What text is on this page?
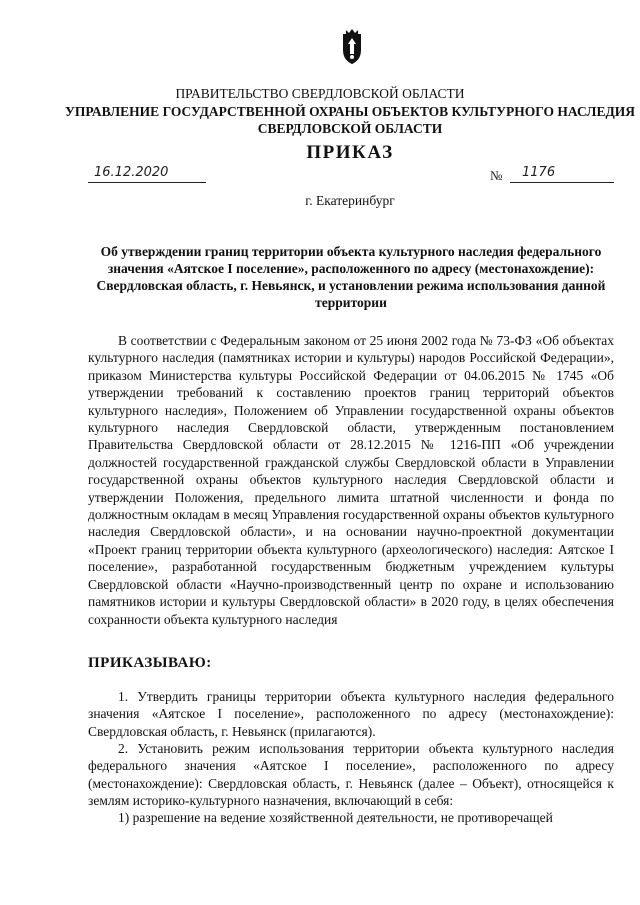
ПРАВИТЕЛЬСТВО СВЕРДЛОВСКОЙ ОБЛАСТИ
УПРАВЛЕНИЕ ГОСУДАРСТВЕННОЙ ОХРАНЫ ОБЪЕКТОВ КУЛЬТУРНОГО НАСЛЕДИЯ СВЕРДЛОВСКОЙ ОБЛАСТИ
ПРИКАЗ
16.12.2020	№ 1176
г. Екатеринбург
Об утверждении границ территории объекта культурного наследия федерального значения «Аятское I поселение», расположенного по адресу (местонахождение): Свердловская область, г. Невьянск, и установлении режима использования данной территории

В соответствии с Федеральным законом от 25 июня 2002 года № 73-ФЗ «Об объектах культурного наследия (памятниках истории и культуры) народов Российской Федерации», приказом Министерства культуры Российской Федерации от 04.06.2015 № 1745 «Об утверждении требований к составлению проектов границ территорий объектов культурного наследия», Положением об Управлении государственной охраны объектов культурного наследия Свердловской области, утвержденным постановлением Правительства Свердловской области от 28.12.2015 № 1216-ПП «Об учреждении должностей государственной гражданской службы Свердловской области в Управлении государственной охраны объектов культурного наследия Свердловской области и утверждении Положения, предельного лимита штатной численности и фонда по должностным окладам в месяц Управления государственной охраны объектов культурного наследия Свердловской области», и на основании научно-проектной документации «Проект границ территории объекта культурного (археологического) наследия: Аятское I поселение», разработанной государственным бюджетным учреждением культуры Свердловской области «Научно-производственный центр по охране и использованию памятников истории и культуры Свердловской области» в 2020 году, в целях обеспечения сохранности объекта культурного наследия

ПРИКАЗЫВАЮ:

1. Утвердить границы территории объекта культурного наследия федерального значения «Аятское I поселение», расположенного по адресу (местонахождение): Свердловская область, г. Невьянск (прилагаются).

2. Установить режим использования территории объекта культурного наследия федерального значения «Аятское I поселение», расположенного по адресу (местонахождение): Свердловская область, г. Невьянск (далее – Объект), относящейся к землям историко-культурного назначения, включающий в себя:

1) разрешение на ведение хозяйственной деятельности, не противоречащей
